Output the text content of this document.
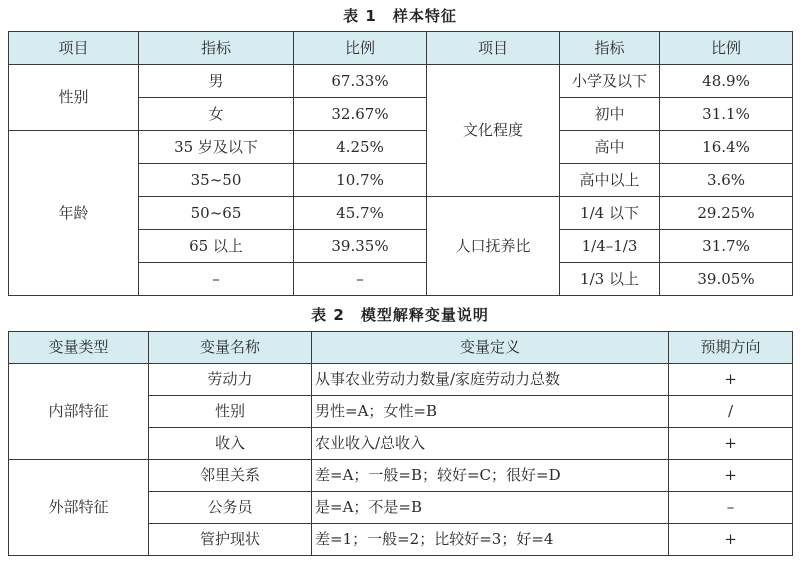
表 1　样本特征
项目	指标	比例	项目	指标	比例
性别	男	67.33%	文化程度	小学及以下	48.9%
	女	32.67%		初中	31.1%
年龄	35 岁及以下	4.25%		高中	16.4%
	35~50	10.7%		高中以上	3.6%
	50~65	45.7%	人口抚养比	1/4 以下	29.25%
	65 以上	39.35%		1/4–1/3	31.7%
	–	–		1/3 以上	39.05%
表 2　模型解释变量说明
变量类型	变量名称	变量定义	预期方向
内部特征	劳动力	从事农业劳动力数量/家庭劳动力总数	+
	性别	男性=A；女性=B	/
	收入	农业收入/总收入	+
外部特征	邻里关系	差=A；一般=B；较好=C；很好=D	+
	公务员	是=A；不是=B	–
	管护现状	差=1；一般=2；比较好=3；好=4	+
